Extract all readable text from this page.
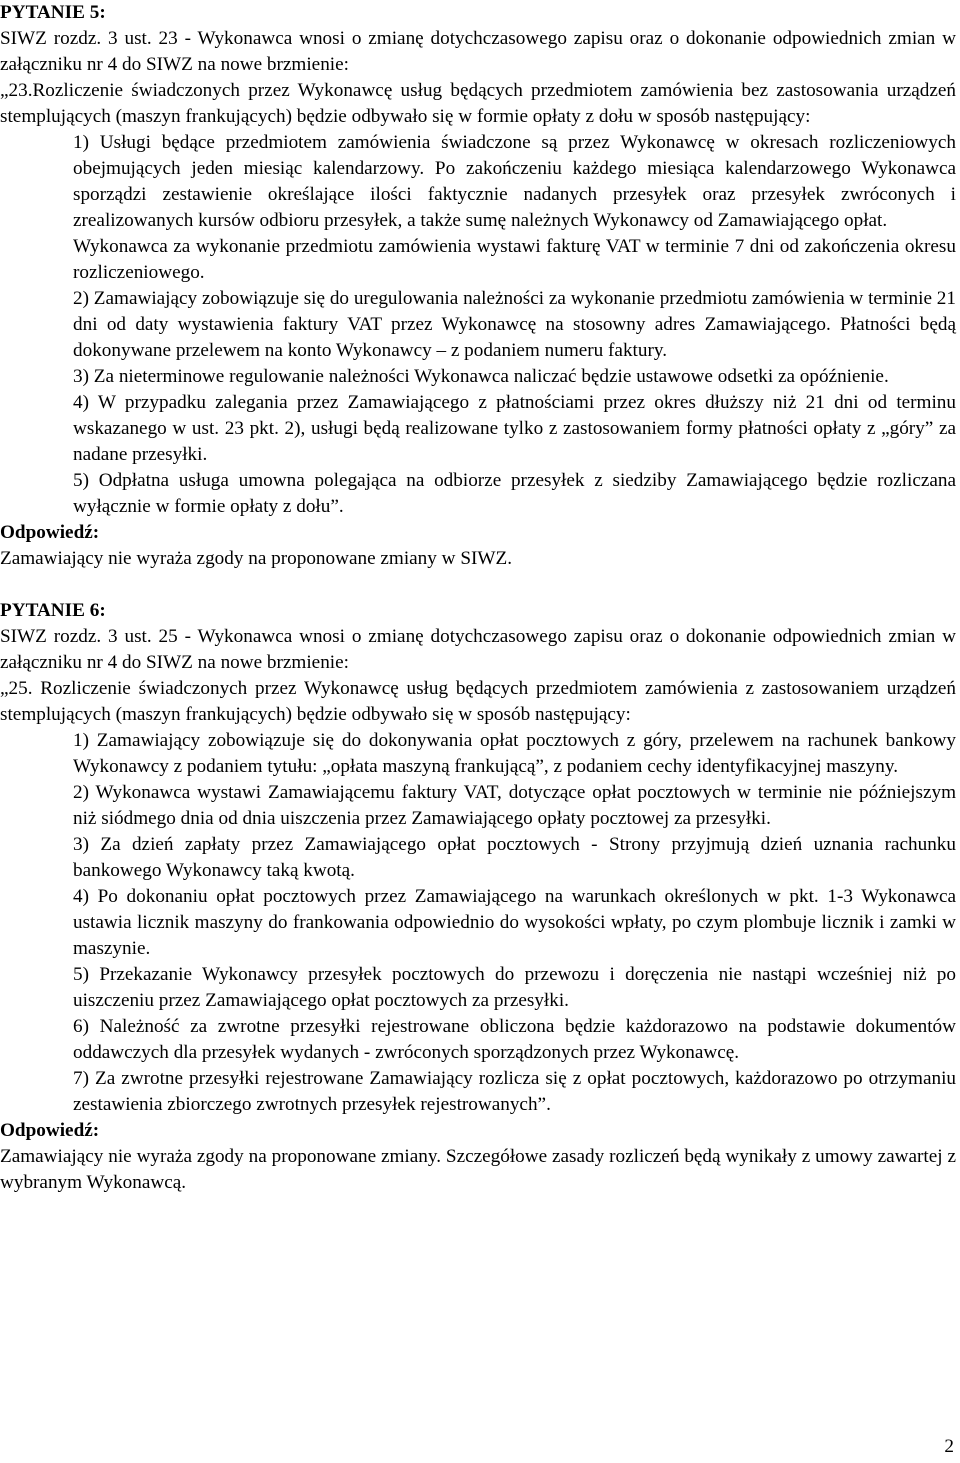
PYTANIE 5:

SIWZ rozdz. 3 ust. 23 - Wykonawca wnosi o zmianę dotychczasowego zapisu oraz o dokonanie odpowiednich zmian w załączniku nr 4 do SIWZ na nowe brzmienie:

„23.Rozliczenie świadczonych przez Wykonawcę usług będących przedmiotem zamówienia bez zastosowania urządzeń stemplujących (maszyn frankujących) będzie odbywało się w formie opłaty z dołu w sposób następujący:

1) Usługi będące przedmiotem zamówienia świadczone są przez Wykonawcę w okresach rozliczeniowych obejmujących jeden miesiąc kalendarzowy. Po zakończeniu każdego miesiąca kalendarzowego Wykonawca sporządzi zestawienie określające ilości faktycznie nadanych przesyłek oraz przesyłek zwróconych i zrealizowanych kursów odbioru przesyłek, a także sumę należnych Wykonawcy od Zamawiającego opłat.

Wykonawca za wykonanie przedmiotu zamówienia wystawi fakturę VAT w terminie 7 dni od zakończenia okresu rozliczeniowego.

2) Zamawiający zobowiązuje się do uregulowania należności za wykonanie przedmiotu zamówienia w terminie 21 dni od daty wystawienia faktury VAT przez Wykonawcę na stosowny adres Zamawiającego. Płatności będą dokonywane przelewem na konto Wykonawcy – z podaniem numeru faktury.

3) Za nieterminowe regulowanie należności Wykonawca naliczać będzie ustawowe odsetki za opóźnienie.

4) W przypadku zalegania przez Zamawiającego z płatnościami przez okres dłuższy niż 21 dni od terminu wskazanego w ust. 23 pkt. 2), usługi będą realizowane tylko z zastosowaniem formy płatności opłaty z „góry” za nadane przesyłki.

5) Odpłatna usługa umowna polegająca na odbiorze przesyłek z siedziby Zamawiającego będzie rozliczana wyłącznie w formie opłaty z dołu”.

Odpowiedź:

Zamawiający nie wyraża zgody na proponowane zmiany w SIWZ.

PYTANIE 6:

SIWZ rozdz. 3 ust. 25 - Wykonawca wnosi o zmianę dotychczasowego zapisu oraz o dokonanie odpowiednich zmian w załączniku nr 4 do SIWZ na nowe brzmienie:

„25. Rozliczenie świadczonych przez Wykonawcę usług będących przedmiotem zamówienia z zastosowaniem urządzeń stemplujących (maszyn frankujących) będzie odbywało się w sposób następujący:

1) Zamawiający zobowiązuje się do dokonywania opłat pocztowych z góry, przelewem na rachunek bankowy Wykonawcy z podaniem tytułu: „opłata maszyną frankującą”, z podaniem cechy identyfikacyjnej maszyny.

2) Wykonawca wystawi Zamawiającemu faktury VAT, dotyczące opłat pocztowych w terminie nie późniejszym niż siódmego dnia od dnia uiszczenia przez Zamawiającego opłaty pocztowej za przesyłki.

3) Za dzień zapłaty przez Zamawiającego opłat pocztowych - Strony przyjmują dzień uznania rachunku bankowego Wykonawcy taką kwotą.

4) Po dokonaniu opłat pocztowych przez Zamawiającego na warunkach określonych w pkt. 1-3 Wykonawca ustawia licznik maszyny do frankowania odpowiednio do wysokości wpłaty, po czym plombuje licznik i zamki w maszynie.

5) Przekazanie Wykonawcy przesyłek pocztowych do przewozu i doręczenia nie nastąpi wcześniej niż po uiszczeniu przez Zamawiającego opłat pocztowych za przesyłki.

6) Należność za zwrotne przesyłki rejestrowane obliczona będzie każdorazowo na podstawie dokumentów oddawczych dla przesyłek wydanych - zwróconych sporządzonych przez Wykonawcę.

7) Za zwrotne przesyłki rejestrowane Zamawiający rozlicza się z opłat pocztowych, każdorazowo po otrzymaniu zestawienia zbiorczego zwrotnych przesyłek rejestrowanych”.

Odpowiedź:

Zamawiający nie wyraża zgody na proponowane zmiany. Szczegółowe zasady rozliczeń będą wynikały z umowy zawartej z wybranym Wykonawcą.

2
